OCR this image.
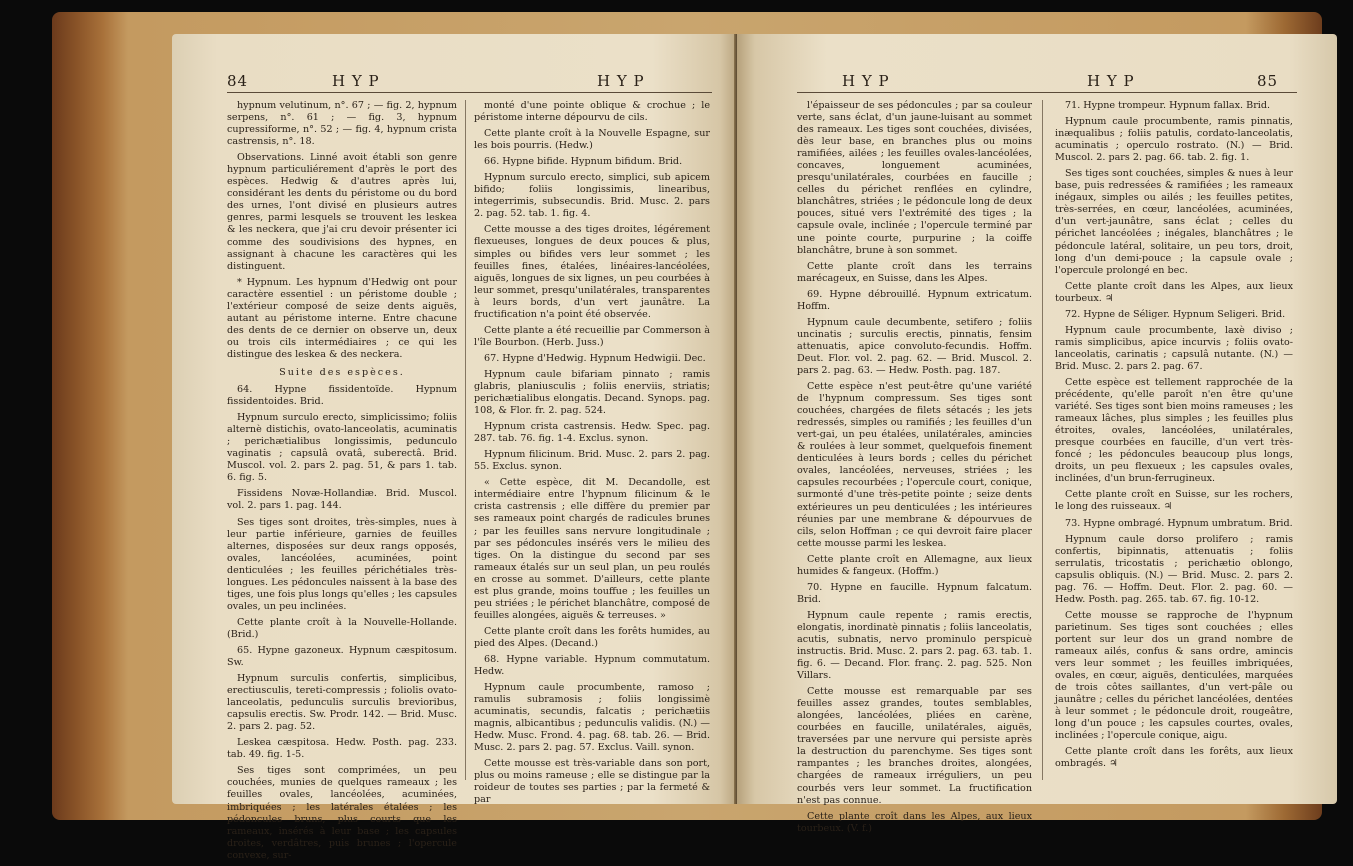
84	H Y P	H Y P

hypnum velutinum, n°. 67 ; — fig. 2, hypnum serpens, n°. 61 ; — fig. 3, hypnum cupressiforme, n°. 52 ; — fig. 4, hypnum crista castrensis, n°. 18.

Observations. Linné avoit établi son genre hypnum particuliérement d'après le port des espèces. Hedwig & d'autres après lui, considérant les dents du péristome ou du bord des urnes, l'ont divisé en plusieurs autres genres, parmi lesquels se trouvent les leskea & les neckera, que j'ai cru devoir présenter ici comme des soudivisions des hypnes, en assignant à chacune les caractères qui les distinguent.

* Hypnum. Les hypnum d'Hedwig ont pour caractère essentiel : un péristome double ; l'extérieur composé de seize dents aiguës, autant au péristome interne. Entre chacune des dents de ce dernier on observe un, deux ou trois cils intermédiaires ; ce qui les distingue des leskea & des neckera.

Suite des espèces.

64. Hypne fissidentoïde. Hypnum fissidentoides. Brid.

Hypnum surculo erecto, simplicissimo; foliis alternè distichis, ovato-lanceolatis, acuminatis ; perichætialibus longissimis, pedunculo vaginatis ; capsulâ ovatâ, suberectâ. Brid. Muscol. vol. 2. pars 2. pag. 51, & pars 1. tab. 6. fig. 5.

Fissidens Novæ-Hollandiæ. Brid. Muscol. vol. 2. pars 1. pag. 144.

Ses tiges sont droites, très-simples, nues à leur partie inférieure, garnies de feuilles alternes, disposées sur deux rangs opposés, ovales, lancéolées, acuminées, point denticulées ; les feuilles périchétiales très-longues. Les pédoncules naissent à la base des tiges, une fois plus longs qu'elles ; les capsules ovales, un peu inclinées.

Cette plante croît à la Nouvelle-Hollande. (Brid.)

65. Hypne gazoneux. Hypnum cæspitosum. Sw.

Hypnum surculis confertis, simplicibus, erectiusculis, tereti-compressis ; foliolis ovato-lanceolatis, pedunculis surculis brevioribus, capsulis erectis. Sw. Prodr. 142. — Brid. Musc. 2. pars 2. pag. 52.

Leskea cæspitosa. Hedw. Posth. pag. 233. tab. 49. fig. 1-5.

Ses tiges sont comprimées, un peu couchées, munies de quelques rameaux ; les feuilles ovales, lancéolées, acuminées, imbriquées ; les latérales étalées ; les pédoncules bruns, plus courts que les rameaux, insérés à leur base ; les capsules droites, verdâtres, puis brunes ; l'opercule convexe, sur-

monté d'une pointe oblique & crochue ; le péristome interne dépourvu de cils.

Cette plante croît à la Nouvelle Espagne, sur les bois pourris. (Hedw.)

66. Hypne bifide. Hypnum bifidum. Brid.

Hypnum surculo erecto, simplici, sub apicem bifido; foliis longissimis, linearibus, integerrimis, subsecundis. Brid. Musc. 2. pars 2. pag. 52. tab. 1. fig. 4.

Cette mousse a des tiges droites, légérement flexueuses, longues de deux pouces & plus, simples ou bifides vers leur sommet ; les feuilles fines, étalées, linéaires-lancéolées, aiguës, longues de six lignes, un peu courbées à leur sommet, presqu'unilatérales, transparentes à leurs bords, d'un vert jaunâtre. La fructification n'a point été observée.

Cette plante a été recueillie par Commerson à l'île Bourbon. (Herb. Juss.)

67. Hypne d'Hedwig. Hypnum Hedwigii. Dec.

Hypnum caule bifariam pinnato ; ramis glabris, planiusculis ; foliis enerviis, striatis; perichætialibus elongatis. Decand. Synops. pag. 108, & Flor. fr. 2. pag. 524.

Hypnum crista castrensis. Hedw. Spec. pag. 287. tab. 76. fig. 1-4. Exclus. synon.

Hypnum filicinum. Brid. Musc. 2. pars 2. pag. 55. Exclus. synon.

« Cette espèce, dit M. Decandolle, est intermédiaire entre l'hypnum filicinum & le crista castrensis ; elle diffère du premier par ses rameaux point chargés de radicules brunes ; par les feuilles sans nervure longitudinale ; par ses pédoncules insérés vers le milieu des tiges. On la distingue du second par ses rameaux étalés sur un seul plan, un peu roulés en crosse au sommet. D'ailleurs, cette plante est plus grande, moins touffue ; les feuilles un peu striées ; le périchet blanchâtre, composé de feuilles alongées, aiguës & terreuses. »

Cette plante croît dans les forêts humides, au pied des Alpes. (Decand.)

68. Hypne variable. Hypnum commutatum. Hedw.

Hypnum caule procumbente, ramoso ; ramulis subramosis ; foliis longissimè acuminatis, secundis, falcatis ; perichætiis magnis, albicantibus ; pedunculis validis. (N.) — Hedw. Musc. Frond. 4. pag. 68. tab. 26. — Brid. Musc. 2. pars 2. pag. 57. Exclus. Vaill. synon.

Cette mousse est très-variable dans son port, plus ou moins rameuse ; elle se distingue par la roideur de toutes ses parties ; par la fermeté & par

H Y P	H Y P	85

l'épaisseur de ses pédoncules ; par sa couleur verte, sans éclat, d'un jaune-luisant au sommet des rameaux. Les tiges sont couchées, divisées, dès leur base, en branches plus ou moins ramifiées, ailées ; les feuilles ovales-lancéolées, concaves, longuement acuminées, presqu'unilatérales, courbées en faucille ; celles du périchet renflées en cylindre, blanchâtres, striées ; le pédoncule long de deux pouces, situé vers l'extrémité des tiges ; la capsule ovale, inclinée ; l'opercule terminé par une pointe courte, purpurine ; la coiffe blanchâtre, brune à son sommet.

Cette plante croît dans les terrains marécageux, en Suisse, dans les Alpes.

69. Hypne débrouillé. Hypnum extricatum. Hoffm.

Hypnum caule decumbente, setifero ; foliis uncinatis ; surculis erectis, pinnatis, fensim attenuatis, apice convoluto-fecundis. Hoffm. Deut. Flor. vol. 2. pag. 62. — Brid. Muscol. 2. pars 2. pag. 63. — Hedw. Posth. pag. 187.

Cette espèce n'est peut-être qu'une variété de l'hypnum compressum. Ses tiges sont couchées, chargées de filets sétacés ; les jets redressés, simples ou ramifiés ; les feuilles d'un vert-gai, un peu étalées, unilatérales, amincies & roulées à leur sommet, quelquefois finement denticulées à leurs bords ; celles du périchet ovales, lancéolées, nerveuses, striées ; les capsules recourbées ; l'opercule court, conique, surmonté d'une très-petite pointe ; seize dents extérieures un peu denticulées ; les intérieures réunies par une membrane & dépourvues de cils, selon Hoffman ; ce qui devroit faire placer cette mousse parmi les leskea.

Cette plante croît en Allemagne, aux lieux humides & fangeux. (Hoffm.)

70. Hypne en faucille. Hypnum falcatum. Brid.

Hypnum caule repente ; ramis erectis, elongatis, inordinatè pinnatis ; foliis lanceolatis, acutis, subnatis, nervo prominulo perspicuè instructis. Brid. Musc. 2. pars 2. pag. 63. tab. 1. fig. 6. — Decand. Flor. franç. 2. pag. 525. Non Villars.

Cette mousse est remarquable par ses feuilles assez grandes, toutes semblables, alongées, lancéolées, pliées en carène, courbées en faucille, unilatérales, aiguës, traversées par une nervure qui persiste après la destruction du parenchyme. Ses tiges sont rampantes ; les branches droites, alongées, chargées de rameaux irréguliers, un peu courbés vers leur sommet. La fructification n'est pas connue.

Cette plante croît dans les Alpes, aux lieux tourbeux. (V. f.)

71. Hypne trompeur. Hypnum fallax. Brid.

Hypnum caule procumbente, ramis pinnatis, inæqualibus ; foliis patulis, cordato-lanceolatis, acuminatis ; operculo rostrato. (N.) — Brid. Muscol. 2. pars 2. pag. 66. tab. 2. fig. 1.

Ses tiges sont couchées, simples & nues à leur base, puis redressées & ramifiées ; les rameaux inégaux, simples ou ailés ; les feuilles petites, très-serrées, en cœur, lancéolées, acuminées, d'un vert-jaunâtre, sans éclat ; celles du périchet lancéolées ; inégales, blanchâtres ; le pédoncule latéral, solitaire, un peu tors, droit, long d'un demi-pouce ; la capsule ovale ; l'opercule prolongé en bec.

Cette plante croît dans les Alpes, aux lieux tourbeux. ♃

72. Hypne de Séliger. Hypnum Seligeri. Brid.

Hypnum caule procumbente, laxè diviso ; ramis simplicibus, apice incurvis ; foliis ovato-lanceolatis, carinatis ; capsulâ nutante. (N.) — Brid. Musc. 2. pars 2. pag. 67.

Cette espèce est tellement rapprochée de la précédente, qu'elle paroît n'en être qu'une variété. Ses tiges sont bien moins rameuses ; les rameaux lâches, plus simples ; les feuilles plus étroites, ovales, lancéolées, unilatérales, presque courbées en faucille, d'un vert très-foncé ; les pédoncules beaucoup plus longs, droits, un peu flexueux ; les capsules ovales, inclinées, d'un brun-ferrugineux.

Cette plante croît en Suisse, sur les rochers, le long des ruisseaux. ♃

73. Hypne ombragé. Hypnum umbratum. Brid.

Hypnum caule dorso prolifero ; ramis confertis, bipinnatis, attenuatis ; foliis serrulatis, tricostatis ; perichætio oblongo, capsulis obliquis. (N.) — Brid. Musc. 2. pars 2. pag. 76. — Hoffm. Deut. Flor. 2. pag. 60. — Hedw. Posth. pag. 265. tab. 67. fig. 10-12.

Cette mousse se rapproche de l'hypnum parietinum. Ses tiges sont couchées ; elles portent sur leur dos un grand nombre de rameaux ailés, confus & sans ordre, amincis vers leur sommet ; les feuilles imbriquées, ovales, en cœur, aiguës, denticulées, marquées de trois côtes saillantes, d'un vert-pâle ou jaunâtre ; celles du périchet lancéolées, dentées à leur sommet ; le pédoncule droit, rougeâtre, long d'un pouce ; les capsules courtes, ovales, inclinées ; l'opercule conique, aigu.

Cette plante croît dans les forêts, aux lieux ombragés. ♃
